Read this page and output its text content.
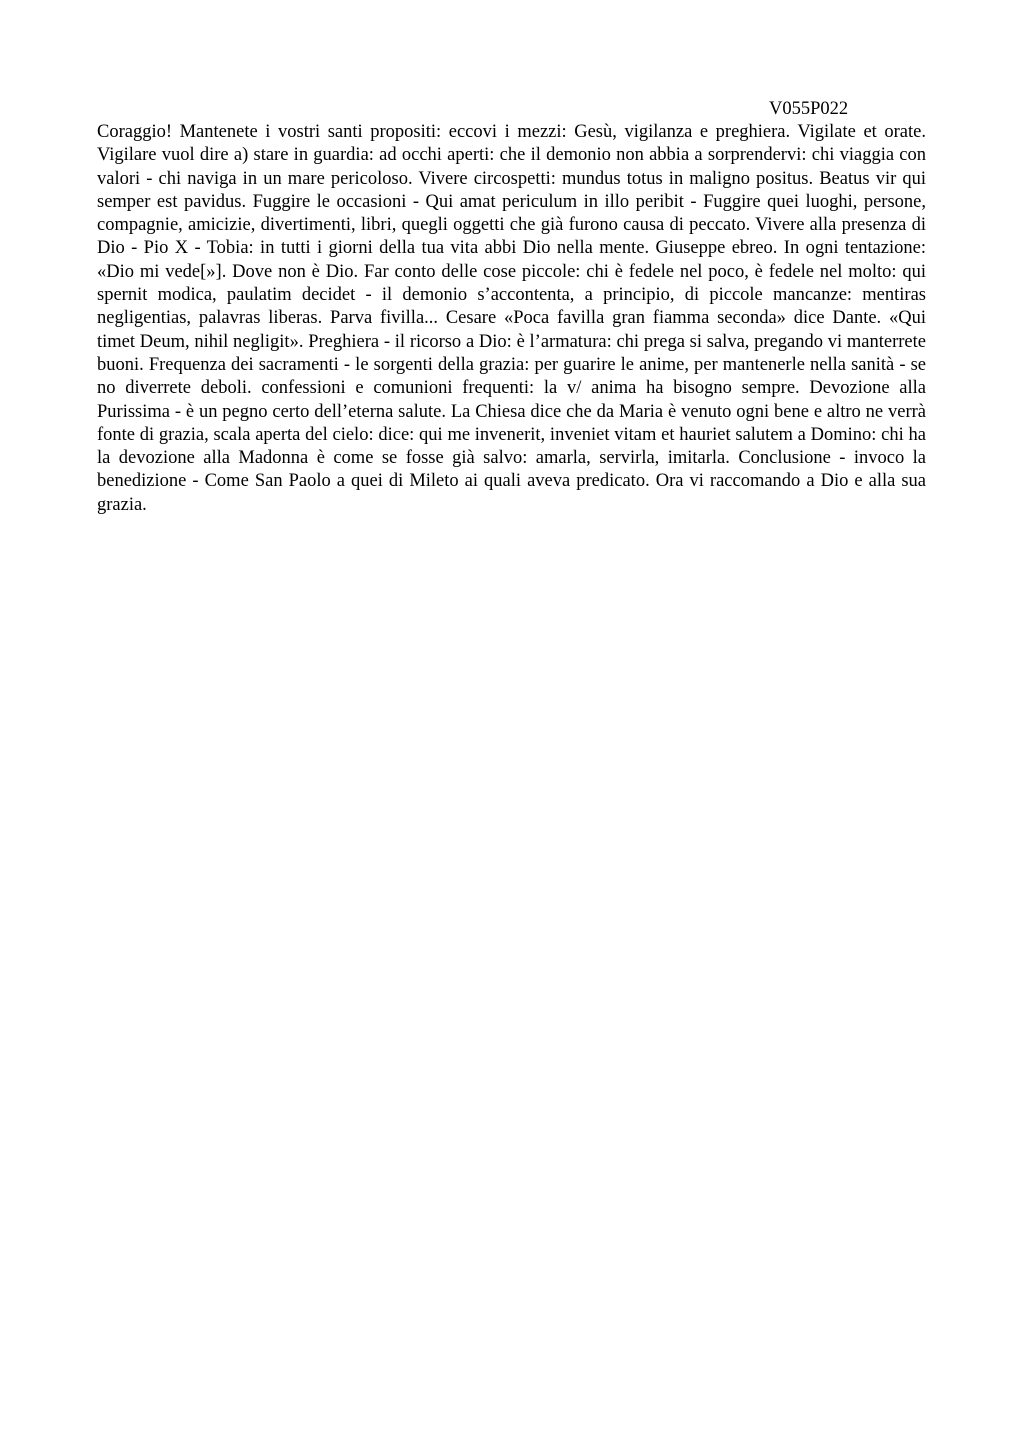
V055P022

Coraggio! Mantenete i vostri santi propositi: eccovi i mezzi: Gesù, vigilanza e preghiera. Vigilate et orate. Vigilare vuol dire a) stare in guardia: ad occhi aperti: che il demonio non abbia a sorprendervi: chi viaggia con valori - chi naviga in un mare pericoloso. Vivere circospetti: mundus totus in maligno positus. Beatus vir qui semper est pavidus. Fuggire le occasioni - Qui amat periculum in illo peribit - Fuggire quei luoghi, persone, compagnie, amicizie, divertimenti, libri, quegli oggetti che già furono causa di peccato. Vivere alla presenza di Dio - Pio X - Tobia: in tutti i giorni della tua vita abbi Dio nella mente. Giuseppe ebreo. In ogni tentazione: «Dio mi vede[»]. Dove non è Dio. Far conto delle cose piccole: chi è fedele nel poco, è fedele nel molto: qui spernit modica, paulatim decidet - il demonio s’accontenta, a principio, di piccole mancanze: mentiras negligentias, palavras liberas. Parva fivilla... Cesare «Poca favilla gran fiamma seconda» dice Dante. «Qui timet Deum, nihil negligit». Preghiera - il ricorso a Dio: è l’armatura: chi prega si salva, pregando vi manterrete buoni. Frequenza dei sacramenti - le sorgenti della grazia: per guarire le anime, per mantenerle nella sanità - se no diverrete deboli. confessioni e comunioni frequenti: la v/ anima ha bisogno sempre. Devozione alla Purissima - è un pegno certo dell’eterna salute. La Chiesa dice che da Maria è venuto ogni bene e altro ne verrà fonte di grazia, scala aperta del cielo: dice: qui me invenerit, inveniet vitam et hauriet salutem a Domino: chi ha la devozione alla Madonna è come se fosse già salvo: amarla, servirla, imitarla. Conclusione - invoco la benedizione - Come San Paolo a quei di Mileto ai quali aveva predicato. Ora vi raccomando a Dio e alla sua grazia.
